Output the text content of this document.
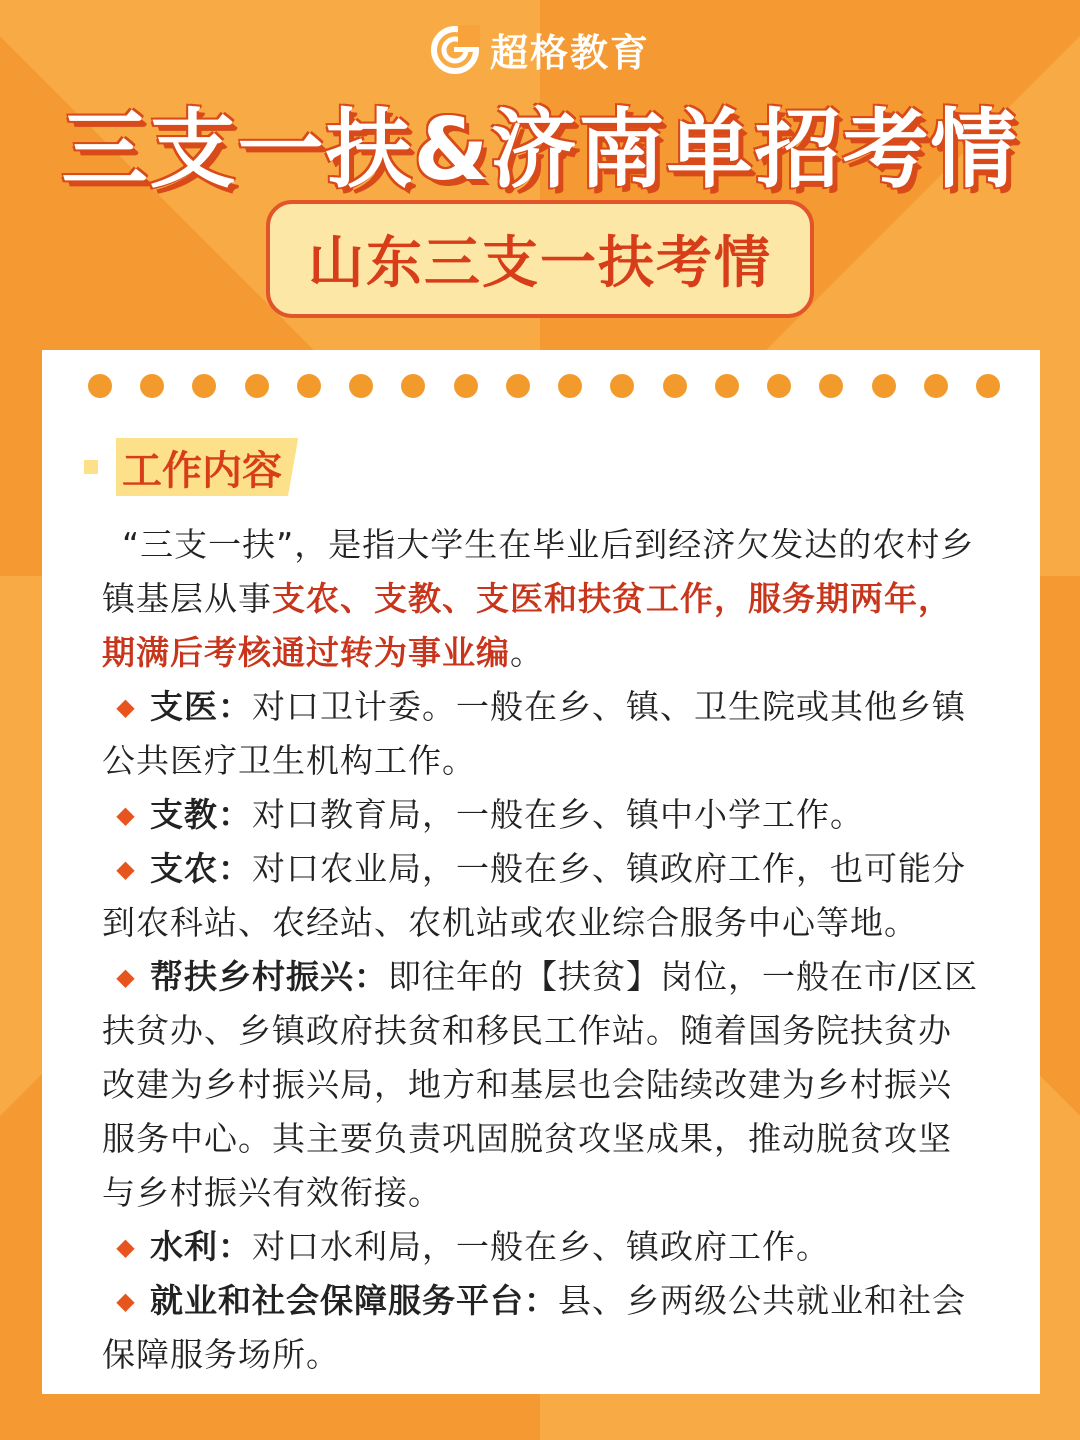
超格教育
三支一扶&济南单招考情
山东三支一扶考情
工作内容

“三支一扶”，是指大学生在毕业后到经济欠发达的农村乡镇基层从事支农、支教、支医和扶贫工作，服务期两年，期满后考核通过转为事业编。

◆ 支医：对口卫计委。一般在乡、镇、卫生院或其他乡镇公共医疗卫生机构工作。

◆ 支教：对口教育局，一般在乡、镇中小学工作。

◆ 支农：对口农业局，一般在乡、镇政府工作，也可能分到农科站、农经站、农机站或农业综合服务中心等地。

◆ 帮扶乡村振兴：即往年的【扶贫】岗位，一般在市/区区扶贫办、乡镇政府扶贫和移民工作站。随着国务院扶贫办改建为乡村振兴局，地方和基层也会陆续改建为乡村振兴服务中心。其主要负责巩固脱贫攻坚成果，推动脱贫攻坚与乡村振兴有效衔接。

◆ 水利：对口水利局，一般在乡、镇政府工作。

◆ 就业和社会保障服务平台：县、乡两级公共就业和社会保障服务场所。
